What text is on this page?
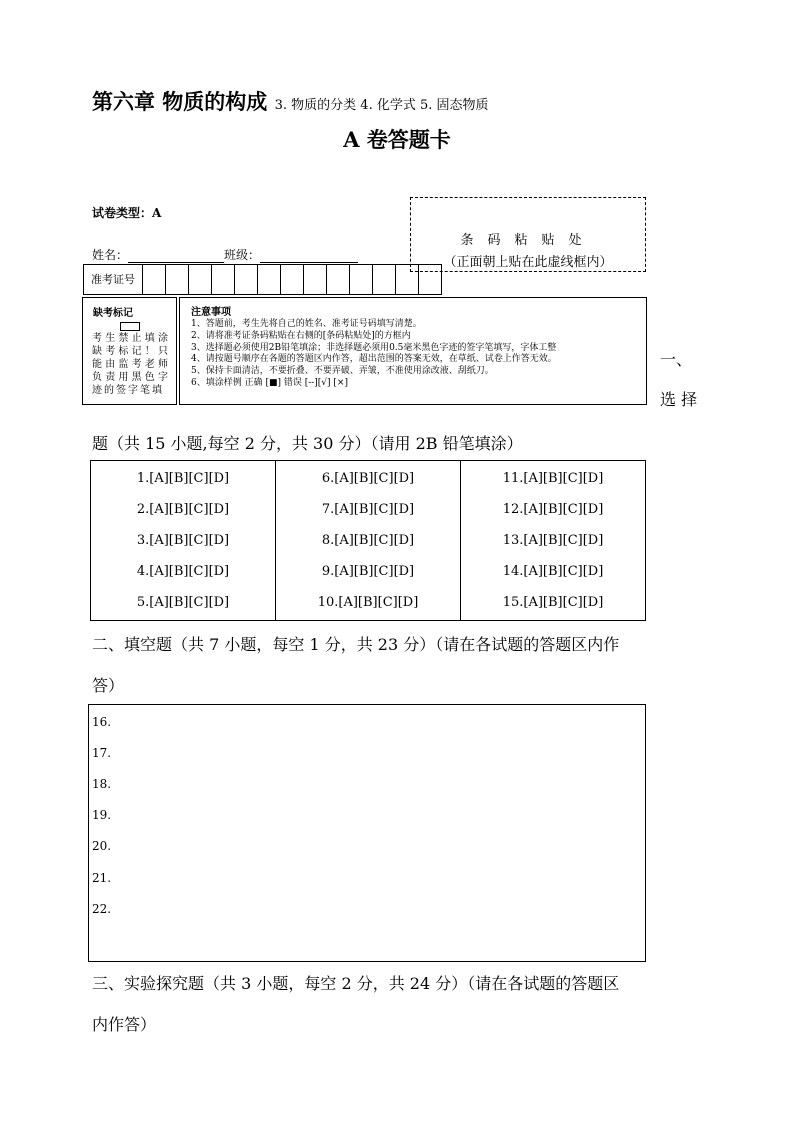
第六章 物质的构成 3. 物质的分类 4. 化学式 5. 固态物质
A 卷答题卡
试卷类型：A
条码粘贴处
（正面朝上贴在此虚线框内）
姓名：	班级：
准考证号
缺考标记
考生禁止填涂缺考标记！只能由监考老师负责用黑色字迹的签字笔填
注意事项
1、答题前，考生先将自己的姓名、准考证号码填写清楚。
2、请将准考证条码粘贴在右侧的[条码粘贴处]的方框内
3、选择题必须使用2B铅笔填涂；非选择题必须用0.5毫米黑色字迹的签字笔填写，字体工整
4、请按题号顺序在各题的答题区内作答，超出范围的答案无效，在草纸、试卷上作答无效。
5、保持卡面清洁，不要折叠、不要弄破、弄皱，不准使用涂改液、刮纸刀。
6、填涂样例 正确 [■] 错误 [--][√] [×]
一、
选 择
题（共 15 小题,每空 2 分，共 30 分）（请用 2B 铅笔填涂）
1.[A][B][C][D]
2.[A][B][C][D]
3.[A][B][C][D]
4.[A][B][C][D]
5.[A][B][C][D]
6.[A][B][C][D]
7.[A][B][C][D]
8.[A][B][C][D]
9.[A][B][C][D]
10.[A][B][C][D]
11.[A][B][C][D]
12.[A][B][C][D]
13.[A][B][C][D]
14.[A][B][C][D]
15.[A][B][C][D]
二、填空题（共 7 小题，每空 1 分，共 23 分）（请在各试题的答题区内作
答）
16.
17.
18.
19.
20.
21.
22.
三、实验探究题（共 3 小题，每空 2 分，共 24 分）（请在各试题的答题区
内作答）
